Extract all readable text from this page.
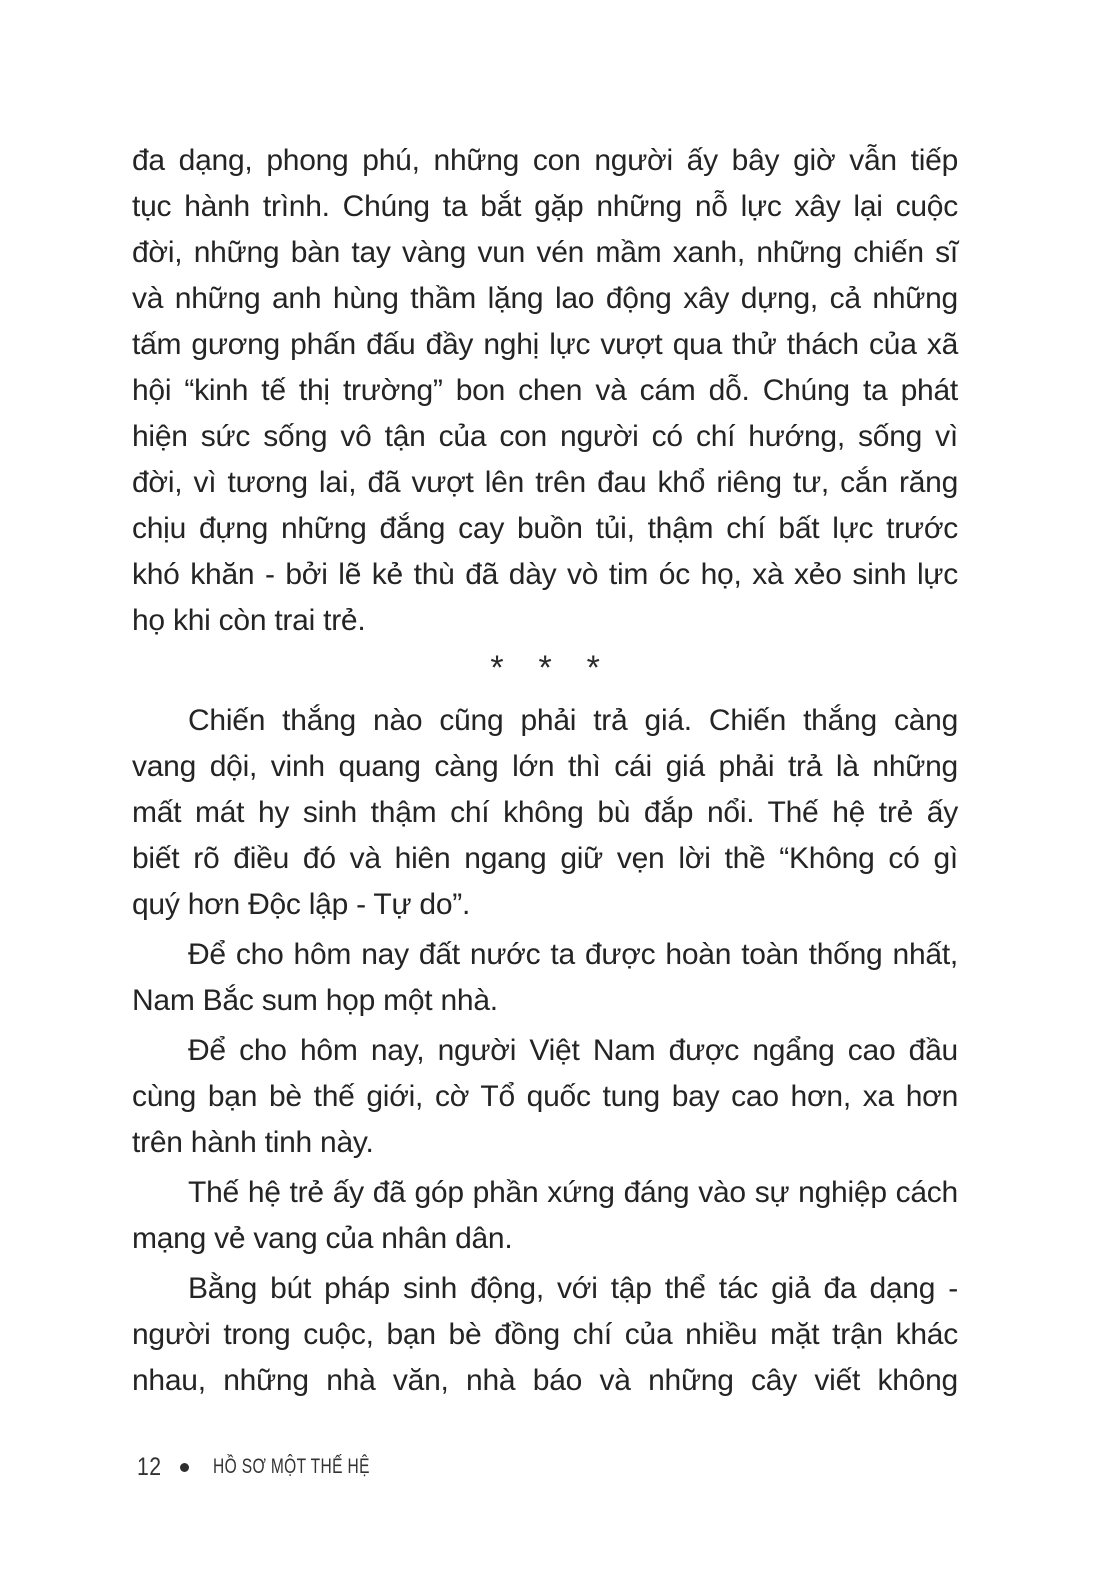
đa dạng, phong phú, những con người ấy bây giờ vẫn tiếp
tục hành trình. Chúng ta bắt gặp những nỗ lực xây lại cuộc
đời, những bàn tay vàng vun vén mầm xanh, những chiến sĩ
và những anh hùng thầm lặng lao động xây dựng, cả những
tấm gương phấn đấu đầy nghị lực vượt qua thử thách của xã
hội “kinh tế thị trường” bon chen và cám dỗ. Chúng ta phát
hiện sức sống vô tận của con người có chí hướng, sống vì
đời, vì tương lai, đã vượt lên trên đau khổ riêng tư, cắn răng
chịu đựng những đắng cay buồn tủi, thậm chí bất lực trước
khó khăn - bởi lẽ kẻ thù đã dày vò tim óc họ, xà xẻo sinh lực
họ khi còn trai trẻ.
* * *
Chiến thắng nào cũng phải trả giá. Chiến thắng càng
vang dội, vinh quang càng lớn thì cái giá phải trả là những
mất mát hy sinh thậm chí không bù đắp nổi. Thế hệ trẻ ấy
biết rõ điều đó và hiên ngang giữ vẹn lời thề “Không có gì
quý hơn Độc lập - Tự do”.
Để cho hôm nay đất nước ta được hoàn toàn thống nhất,
Nam Bắc sum họp một nhà.
Để cho hôm nay, người Việt Nam được ngẩng cao đầu
cùng bạn bè thế giới, cờ Tổ quốc tung bay cao hơn, xa hơn
trên hành tinh này.
Thế hệ trẻ ấy đã góp phần xứng đáng vào sự nghiệp cách
mạng vẻ vang của nhân dân.
Bằng bút pháp sinh động, với tập thể tác giả đa dạng -
người trong cuộc, bạn bè đồng chí của nhiều mặt trận khác
nhau, những nhà văn, nhà báo và những cây viết không
12 HỒ SƠ MỘT THẾ HỆ
